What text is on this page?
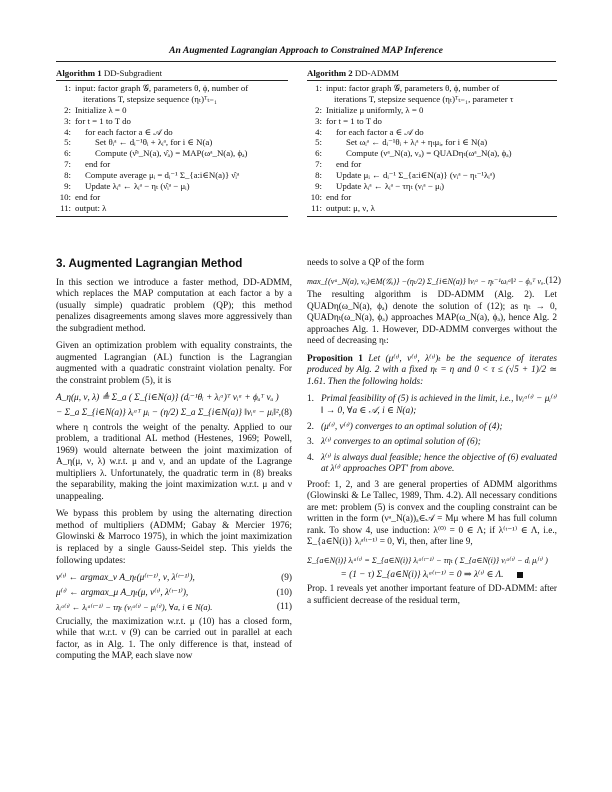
An Augmented Lagrangian Approach to Constrained MAP Inference
Algorithm 1 DD-Subgradient
1: input: factor graph 𝒢, parameters θ, ϕ, number of
iterations T, stepsize sequence (ηₜ)ᵀₜ₌₁
2: Initialize λ = 0
3: for t = 1 to T do
4:	for each factor a ∈ 𝒜 do
5:	Set θᵢᵃ ← dᵢ⁻¹θᵢ + λᵢᵃ, for i ∈ N(a)
6:	Compute (ν̂ᵃ_N(a), ν̂ₐ) = MAP(ωᵃ_N(a), ϕₐ)
7:	end for
8:	Compute average μᵢ = dᵢ⁻¹ Σ_{a:i∈N(a)} ν̂ᵢᵃ
9:	Update λᵢᵃ ← λᵢᵃ − ηₜ (ν̂ᵢᵃ − μᵢ)
10: end for
11: output: λ
Algorithm 2 DD-ADMM
1: input: factor graph 𝒢, parameters θ, ϕ, number of
iterations T, stepsize sequence (ηₜ)ᵀₜ₌₁, parameter τ
2: Initialize μ uniformly, λ = 0
3: for t = 1 to T do
4:	for each factor a ∈ 𝒜 do
5:	Set ωᵢᵃ ← dᵢ⁻¹θᵢ + λᵢᵃ + ηₜμᵢ, for i ∈ N(a)
6:	Compute (νᵃ_N(a), νₐ) = QUADηₜ(ωᵃ_N(a), ϕₐ)
7:	end for
8:	Update μᵢ ← dᵢ⁻¹ Σ_{a:i∈N(a)} (νᵢᵃ − ηₜ⁻¹λᵢᵃ)
9:	Update λᵢᵃ ← λᵢᵃ − τηₜ (νᵢᵃ − μᵢ)
10: end for
11: output: μ, ν, λ
3. Augmented Lagrangian Method

In this section we introduce a faster method, DD-ADMM, which replaces the MAP computation at each factor a by a (usually simple) quadratic problem (QP); this method penalizes disagreements among slaves more aggressively than the subgradient method.

Given an optimization problem with equality constraints, the augmented Lagrangian (AL) function is the Lagrangian augmented with a quadratic constraint violation penalty. For the constraint problem (5), it is

A_η(μ, ν, λ) ≜ Σ_a ( Σ_{i∈N(a)} (dᵢ⁻¹θᵢ + λᵢᵃ)ᵀ νᵢᵃ + ϕₐᵀ νₐ )
− Σ_a Σ_{i∈N(a)} λᵢᵃᵀ μᵢ − (η/2) Σ_a Σ_{i∈N(a)} ‖νᵢᵃ − μᵢ‖², (8)

where η controls the weight of the penalty. Applied to our problem, a traditional AL method (Hestenes, 1969; Powell, 1969) would alternate between the joint maximization of A_η(μ, ν, λ) w.r.t. μ and ν, and an update of the Lagrange multipliers λ. Unfortunately, the quadratic term in (8) breaks the separability, making the joint maximization w.r.t. μ and ν unappealing.

We bypass this problem by using the alternating direction method of multipliers (ADMM; Gabay & Mercier 1976; Glowinski & Marroco 1975), in which the joint maximization is replaced by a single Gauss-Seidel step. This yields the following updates:

ν⁽ᵗ⁾ ← argmax_ν A_ηₜ(μ⁽ᵗ⁻¹⁾, ν, λ⁽ᵗ⁻¹⁾),	(9)
μ⁽ᵗ⁾ ← argmax_μ A_ηₜ(μ, ν⁽ᵗ⁾, λ⁽ᵗ⁻¹⁾),	(10)
λᵢᵃ⁽ᵗ⁾ ← λᵢᵃ⁽ᵗ⁻¹⁾ − τηₜ (νᵢᵃ⁽ᵗ⁾ − μᵢ⁽ᵗ⁾), ∀a, i ∈ N(a).	(11)

Crucially, the maximization w.r.t. μ (10) has a closed form, while that w.r.t. ν (9) can be carried out in parallel at each factor, as in Alg. 1. The only difference is that, instead of computing the MAP, each slave now

needs to solve a QP of the form

max_{(νᵃ_N(a), νₐ)∈M(𝒢ₐ)} −(ηₜ/2) Σ_{i∈N(a)} ‖νᵢᵃ − ηₜ⁻¹ωᵢᵃ‖² − ϕₐᵀ νₐ. (12)

The resulting algorithm is DD-ADMM (Alg. 2). Let QUADη(ω_N(a), ϕₐ) denote the solution of (12); as ηₜ → 0, QUADηₜ(ω_N(a), ϕₐ) approaches MAP(ω_N(a), ϕₐ), hence Alg. 2 approaches Alg. 1. However, DD-ADMM converges without the need of decreasing ηₜ:

Proposition 1 Let (μ⁽ᵗ⁾, ν⁽ᵗ⁾, λ⁽ᵗ⁾)ₜ be the sequence of iterates produced by Alg. 2 with a fixed ηₜ = η and 0 < τ ≤ (√5 + 1)/2 ≃ 1.61. Then the following holds:

1. Primal feasibility of (5) is achieved in the limit, i.e., ‖νᵢᵃ⁽ᵗ⁾ − μᵢ⁽ᵗ⁾‖ → 0, ∀a ∈ 𝒜, i ∈ N(a);
2. (μ⁽ᵗ⁾, ν⁽ᵗ⁾) converges to an optimal solution of (4);
3. λ⁽ᵗ⁾ converges to an optimal solution of (6);
4. λ⁽ᵗ⁾ is always dual feasible; hence the objective of (6) evaluated at λ⁽ᵗ⁾ approaches OPT′ from above.

Proof: 1, 2, and 3 are general properties of ADMM algorithms (Glowinski & Le Tallec, 1989, Thm. 4.2). All necessary conditions are met: problem (5) is convex and the coupling constraint can be written in the form (νᵃ_N(a))ₐ∈𝒜 = Mμ where M has full column rank. To show 4, use induction: λ⁽⁰⁾ = 0 ∈ Λ; if λ⁽ᵗ⁻¹⁾ ∈ Λ, i.e., Σ_{a∈N(i)} λᵢᵃ⁽ᵗ⁻¹⁾ = 0, ∀i, then, after line 9,

Σ_{a∈N(i)} λᵢᵃ⁽ᵗ⁾ = Σ_{a∈N(i)} λᵢᵃ⁽ᵗ⁻¹⁾ − τηₜ ( Σ_{a∈N(i)} νᵢᵃ⁽ᵗ⁾ − dᵢ μᵢ⁽ᵗ⁾ )
= (1 − τ) Σ_{a∈N(i)} λᵢᵃ⁽ᵗ⁻¹⁾ = 0 ⇒ λ⁽ᵗ⁾ ∈ Λ.

Prop. 1 reveals yet another important feature of DD-ADMM: after a sufficient decrease of the residual term,
